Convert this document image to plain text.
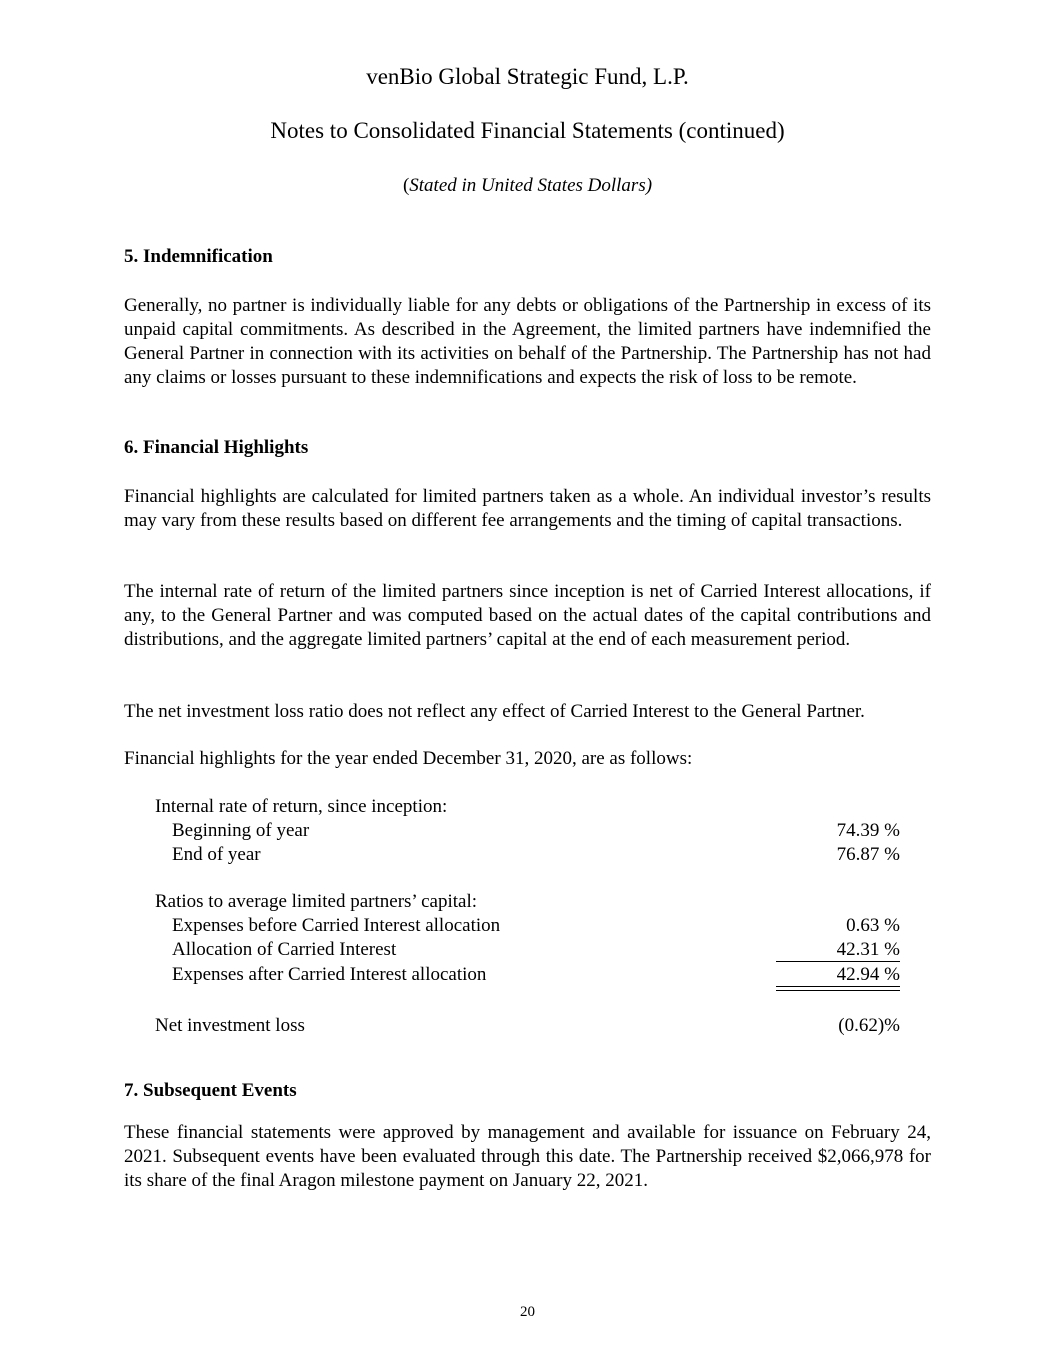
venBio Global Strategic Fund, L.P.
Notes to Consolidated Financial Statements (continued)
(Stated in United States Dollars)
5. Indemnification
Generally, no partner is individually liable for any debts or obligations of the Partnership in excess of its unpaid capital commitments. As described in the Agreement, the limited partners have indemnified the General Partner in connection with its activities on behalf of the Partnership. The Partnership has not had any claims or losses pursuant to these indemnifications and expects the risk of loss to be remote.
6. Financial Highlights
Financial highlights are calculated for limited partners taken as a whole. An individual investor’s results may vary from these results based on different fee arrangements and the timing of capital transactions.
The internal rate of return of the limited partners since inception is net of Carried Interest allocations, if any, to the General Partner and was computed based on the actual dates of the capital contributions and distributions, and the aggregate limited partners’ capital at the end of each measurement period.
The net investment loss ratio does not reflect any effect of Carried Interest to the General Partner.
Financial highlights for the year ended December 31, 2020, are as follows:
Internal rate of return, since inception:
Beginning of year	74.39 %
End of year	76.87 %
Ratios to average limited partners’ capital:
Expenses before Carried Interest allocation	0.63 %
Allocation of Carried Interest	42.31 %
Expenses after Carried Interest allocation	42.94 %
Net investment loss	(0.62)%
7. Subsequent Events
These financial statements were approved by management and available for issuance on February 24, 2021. Subsequent events have been evaluated through this date. The Partnership received $2,066,978 for its share of the final Aragon milestone payment on January 22, 2021.
20
